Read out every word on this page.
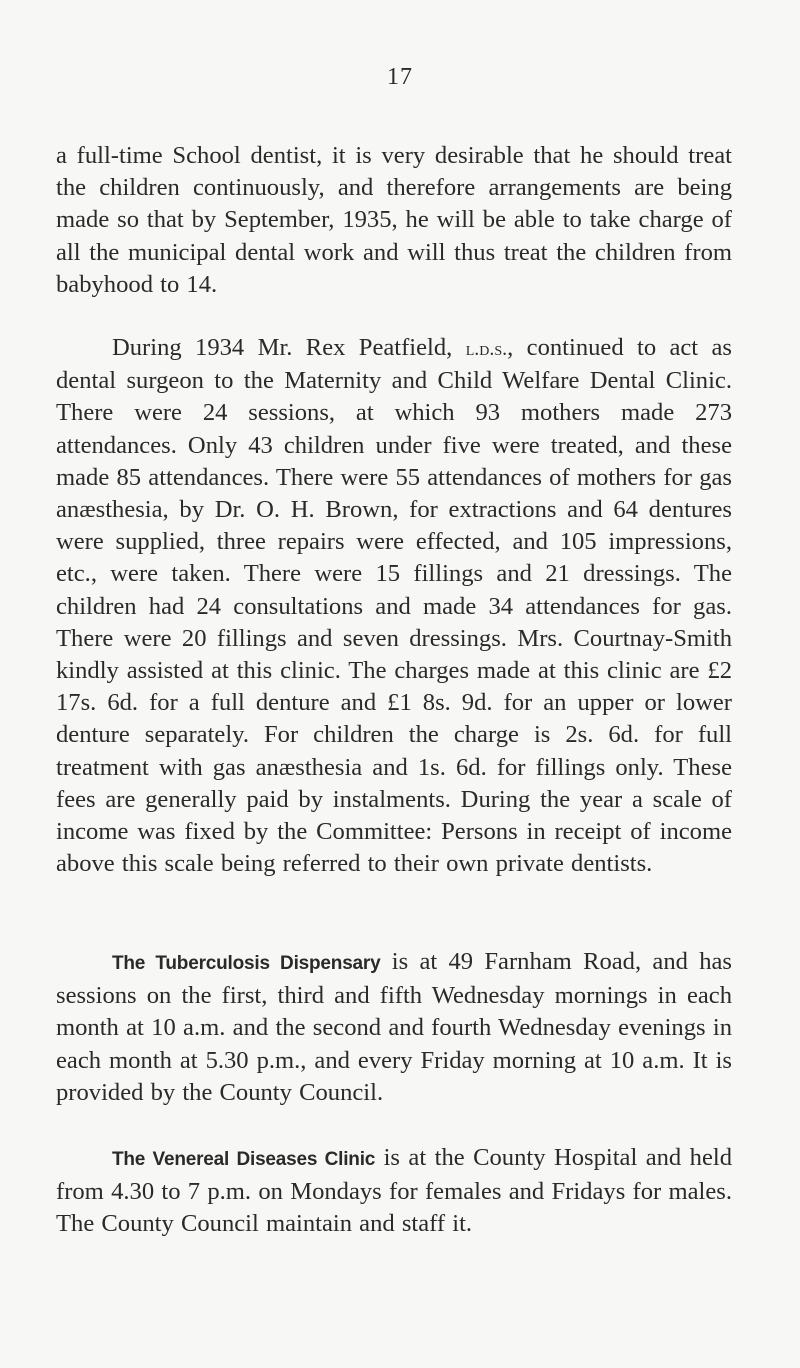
17

a full-time School dentist, it is very desirable that he should treat the children continuously, and therefore arrangements are being made so that by September, 1935, he will be able to take charge of all the municipal dental work and will thus treat the children from babyhood to 14.

During 1934 Mr. Rex Peatfield, l.d.s., continued to act as dental surgeon to the Maternity and Child Welfare Dental Clinic. There were 24 sessions, at which 93 mothers made 273 attendances. Only 43 children under five were treated, and these made 85 attendances. There were 55 attendances of mothers for gas anæsthesia, by Dr. O. H. Brown, for extractions and 64 dentures were supplied, three repairs were effected, and 105 impressions, etc., were taken. There were 15 fillings and 21 dressings. The children had 24 consultations and made 34 attendances for gas. There were 20 fillings and seven dressings. Mrs. Courtnay-Smith kindly assisted at this clinic. The charges made at this clinic are £2 17s. 6d. for a full denture and £1 8s. 9d. for an upper or lower denture separately. For children the charge is 2s. 6d. for full treatment with gas anæsthesia and 1s. 6d. for fillings only. These fees are generally paid by instalments. During the year a scale of income was fixed by the Committee: Persons in receipt of income above this scale being referred to their own private dentists.

The Tuberculosis Dispensary is at 49 Farnham Road, and has sessions on the first, third and fifth Wednesday mornings in each month at 10 a.m. and the second and fourth Wednesday evenings in each month at 5.30 p.m., and every Friday morning at 10 a.m. It is provided by the County Council.

The Venereal Diseases Clinic is at the County Hospital and held from 4.30 to 7 p.m. on Mondays for females and Fridays for males. The County Council maintain and staff it.
